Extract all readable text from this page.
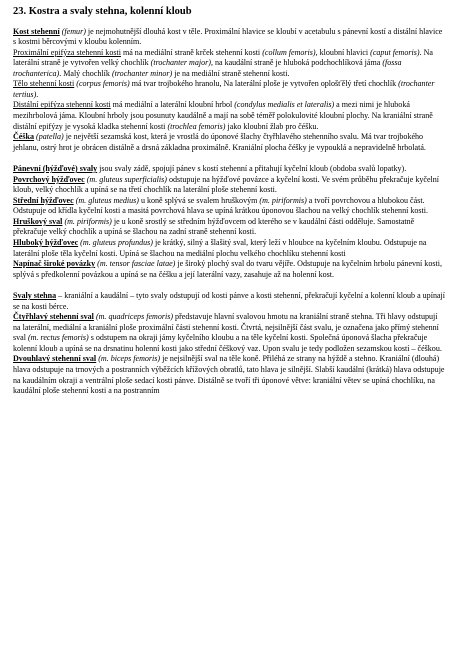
23. Kostra a svaly stehna, kolenní kloub

Kost stehenní (femur) je nejmohutnější dlouhá kost v těle. Proximální hlavice se kloubí v acetabulu s pánevní kostí a distální hlavice s kostmi běrcovými v kloubu kolenním.

Proximální epifýza stehenní kosti má na mediální straně krček stehenní kosti (collum femoris), kloubní hlavici (caput femoris). Na laterální straně je vytvořen velký chochlík (trochanter major), na kaudální straně je hluboká podchochlíková jáma (fossa trochanterica). Malý chochlík (trochanter minor) je na mediální straně stehenní kosti.

Tělo stehenní kosti (corpus femoris) má tvar trojbokého hranolu, Na laterální ploše je vytvořen oplošťělý třetí chochlík (trochanter tertius).

Distální epifýza stehenní kosti má mediální a laterální kloubní hrbol (condylus medialis et lateralis) a mezi nimi je hluboká mezihrbolová jáma. Kloubní hrboly jsou posunuty kaudálně a mají na sobě téměř polokulovité kloubní plochy. Na kraniální straně distální epifýzy je vysoká kladka stehenní kosti (trochlea femoris) jako kloubní žlab pro čéšku.

Čéška (patella) je největší sezamská kost, která je vrostlá do úponové šlachy čtyřhlavého stehenního svalu. Má tvar trojbokého jehlanu, ostrý hrot je obrácen distálně a drsná základna proximálně. Kraniální plocha čéšky je vypouklá a nepravidelně hrbolatá.

Pánevní (hýžďové) svaly jsou svaly zádě, spojují pánev s kostí stehenní a přitahují kyčelní kloub (obdoba svalů lopatky).

Povrchový hýžďovec (m. gluteus superficialis) odstupuje na hýžďové povázce a kyčelní kosti. Ve svém průběhu překračuje kyčelní kloub, velký chochlík a upíná se na třetí chochlík na laterální ploše stehenní kosti.

Střední hýžďovec (m. gluteus medius) u koně splývá se svalem hruškovým (m. piriformis) a tvoří povrchovou a hlubokou část. Odstupuje od křídla kyčelní kosti a masitá povrchová hlava se upíná krátkou úponovou šlachou na velký chochlík stehenní kosti.

Hruškový sval (m. piriformis) je u koně srostlý se středním hýžďovcem od kterého se v kaudální části odděluje. Samostatně překračuje velký chochlík a upíná se šlachou na zadní straně stehenní kosti.

Hluboký hýžďovec (m. gluteus profundus) je krátký, silný a šlašitý sval, který leží v hloubce na kyčelním kloubu. Odstupuje na laterální ploše těla kyčelní kosti. Upíná se šlachou na mediální plochu velkého chochlíku stehenní kosti

Napínač široké povázky (m. tensor fasciae latae) je široký plochý sval do tvaru vějíře. Odstupuje na kyčelním hrbolu pánevní kosti, splývá s předkolenní povázkou a upíná se na čéšku a její laterální vazy, zasahuje až na holenní kost.

Svaly stehna – kraniální a kaudální – tyto svaly odstupují od kosti pánve a kosti stehenní, překračují kyčelní a kolenní kloub a upínají se na kosti bérce.

Čtyřhlavý stehenní sval (m. quadriceps femoris) představuje hlavní svalovou hmotu na kraniální straně stehna. Tři hlavy odstupují na laterální, mediální a kraniální ploše proximální části stehenní kosti. Čtvrtá, nejsilnější část svalu, je označena jako přímý stehenní sval (m. rectus femoris) s odstupem na okraji jámy kyčelního kloubu a na těle kyčelní kosti. Společná úponová šlacha překračuje kolenní kloub a upíná se na drsnatinu holenní kosti jako střední čéškový vaz. Upon svalu je tedy podložen sezamskou kostí – čéškou.

Dvouhlavý stehenní sval (m. biceps femoris) je nejsilnější sval na těle koně. Přiléhá ze strany na hýždě a stehno. Kraniální (dlouhá) hlava odstupuje na trnových a postranních výběžcích křížových obratlů, tato hlava je silnější. Slabší kaudální (krátká) hlava odstupuje na kaudálním okraji a ventrální ploše sedací kosti pánve. Distálně se tvoří tři úponové větve: kraniální větev se upíná chochlíku, na kaudální ploše stehenní kosti a na postranním
